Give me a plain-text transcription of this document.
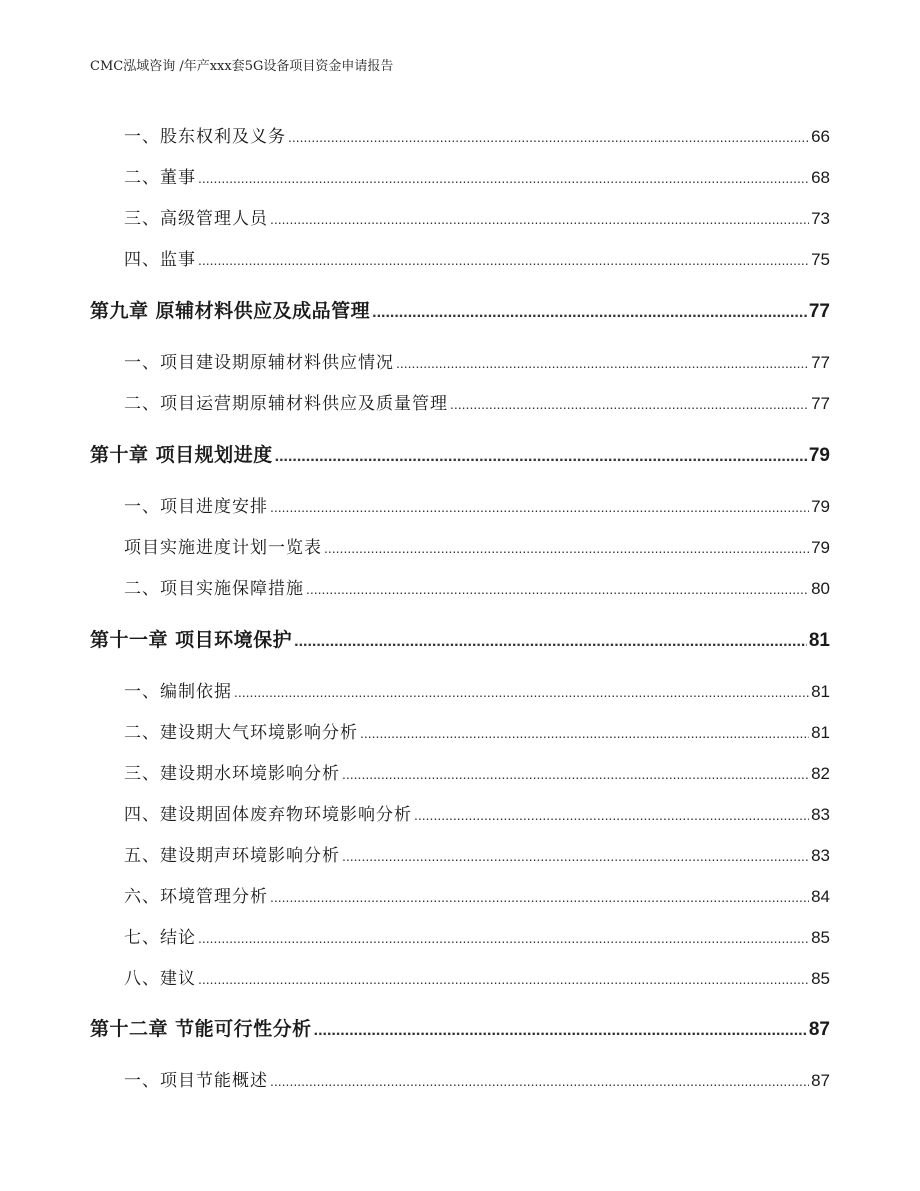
CMC泓域咨询 /年产xxx套5G设备项目资金申请报告
一、 股东权利及义务 .....	66
二、 董事 .....	68
三、 高级管理人员 .....	73
四、 监事 .....	75
第九章 原辅材料供应及成品管理 .....	77
一、 项目建设期原辅材料供应情况 .....	77
二、 项目运营期原辅材料供应及质量管理 .....	77
第十章 项目规划进度 .....	79
一、 项目进度安排 .....	79
项目实施进度计划一览表 .....	79
二、 项目实施保障措施 .....	80
第十一章 项目环境保护 .....	81
一、 编制依据 .....	81
二、 建设期大气环境影响分析 .....	81
三、 建设期水环境影响分析 .....	82
四、 建设期固体废弃物环境影响分析 .....	83
五、 建设期声环境影响分析 .....	83
六、 环境管理分析 .....	84
七、 结论 .....	85
八、 建议 .....	85
第十二章 节能可行性分析 .....	87
一、 项目节能概述 .....	87
